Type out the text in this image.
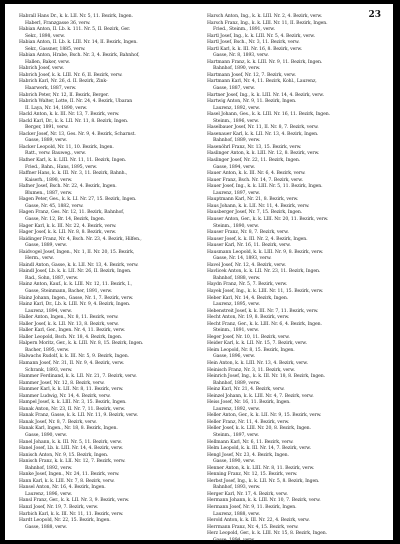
23
Habrall Hans Dr., k. k. LII. Nr. 5, 11. Bezirk, Ingen.
Haberl, Franzgasse 36, verw.
Habian Anton, II. Lb. k. 111. Nr. 5, II. Bezirk, Ger.
Sekr., 1898, verw.
Habian Anton, II. Lb. k. LIII. Nr. 14, II. Bezirk, Ingen.
Sekr., Gassner, 1885, verw.
Habian Anton, Hrabe, Bsch. Nr. 3, 4. Bezirk, Bahnhof,
Hallen, Baker, verw.
Habrich Josef, verw.
Habrich Josef, k. k. LIII. Nr. 6, II. Bezirk, verw.
Habrich Karl, Nr. 26, d. II. Bezirk, Zink-
Haarwerk, 1887, verw.
Habrich Peter, Nr. 12, II. Bezirk, Berger.
Habrich Walter, Lotte, II. Nr. 24, 4. Bezirk, Ubaran
II. Laya, Nr. 14, 1890, verw.
Hackl Anton, k. k. III. Nr. 13, 7. Bezirk, verw.
Hackl Karl, Dr., k. k. LII. Nr. 11, 8. Bezirk, Ingen.
Berger, 1891, verw.
Hacker Josef, Nr. 13, Ges. Nr. 9, 4. Bezirk, Scharnst.
Gasse, 1889, verw.
Hacker Leopold, Nr. 11, 10. Bezirk, Ingen.
Ratt., verw. Bauweg., verw.
Hafner Karl, k. k. LIII. Nr. 11, 11. Bezirk, Ingen.
Fried., Bahn., Hans, 1895, verw.
Haffner Hans, k. k. III. Nr. 3, 11. Bezirk, Bahnh.,
Kaiserh., 1898, verw.
Hafner Josef, Bsch. Nr. 22, 4. Bezirk, Ingen.
Blumen., 1887, verw.
Hagen Peter, Ges., k. k. LI. Nr. 27, 15. Bezirk, Ingen.
Gasse, Nr. 45, 1882, verw.
Hagen Franz, Ges. Nr. 12, 11. Bezirk, Bahnhof,
Gasse, Nr. 12, Br. 14, Bezirk, Ingen.
Hager Karl, k. k. III. Nr. 22, 4. Bezirk, verw.
Hager Josef, k. k. LII. Nr. 8, 8. Bezirk, verw.
Haidinger Franz, Nr. 4, Bsch. Nr. 23, 4. Bezirk, Hilfen.,
Gasse, 1889, verw.
Haidvogel Josef, Ingen., Nr. 1, II. Nr. 20, 15. Bezirk,
Herm., verw.
Haindl Anton, Gasse, k. k. LII. Nr. 13, 4. Bezirk, verw.
Haindl Josef, Lb. k. k. LII. Nr. 26, II. Bezirk, Ingen.
Rad., Sohn, 1887, verw.
Hainz Anton, Kauf., k. k. LIII. Nr. 12, 11. Bezirk, I.,
Gasse, Steinmann, Bacher, 1891, verw.
Hainz Johann, Ingen., Gasse, Nr. 1, 7. Bezirk, verw.
Hainz Karl, Dr., Lb. k. LIII. Nr. 9, 4. Bezirk, Ingen.
Laurenz, 1894, verw.
Haller Anton, Ingen., Nr. 8, 11. Bezirk, verw.
Haller Josef, k. k. LII. Nr. 13, 8. Bezirk, verw.
Haller Karl, Ger., Ingen. Nr. 4, 11. Bezirk, verw.
Haller Leopold, Bsch. Nr. 18, 4. Bezirk, Ingen.
Halpern Moritz, Ger., k. k. LIII. Nr. 8, 15. Bezirk, Ingen.
Bacher, 1895, verw.
Halwachs Rudolf, k. k. III. Nr. 5, 9. Bezirk, Ingen.
Hamann Josef, Nr. 31, II. Nr. 9, 4. Bezirk, verw.
Schrank, 1893, verw.
Hammer Ferdinand, k. k. LII. Nr. 21, 7. Bezirk, verw.
Hammer Josef, Nr. 12, 8. Bezirk, verw.
Hammer Karl, k. k. LII. Nr. 8, 11. Bezirk, verw.
Hammer Ludwig, Nr. 14, 4. Bezirk, verw.
Hampel Josef, k. k. LIII. Nr. 3, 15. Bezirk, Ingen.
Hanak Anton, Nr. 23, II. Nr. 7, 11. Bezirk, verw.
Hanak Franz, Gasse, k. k. LII. Nr. 11, 9. Bezirk, verw.
Hanak Josef, Nr. 8, 7. Bezirk, verw.
Hanak Karl, Ingen., Nr. 18, 8. Bezirk, Ingen.
Gasse, 1890, verw.
Hanel Johann, k. k. III. Nr. 5, 11. Bezirk, verw.
Hanel Josef, Lb. k. LIII. Nr. 14, 4. Bezirk, verw.
Hanisch Anton, Nr. 9, 15. Bezirk, Ingen.
Hanisch Franz, k. k. LII. Nr. 12, 7. Bezirk, verw.
Bahnhof, 1892, verw.
Hanke Josef, Ingen., Nr. 24, 11. Bezirk, verw.
Hann Karl, k. k. LIII. Nr. 7, 8. Bezirk, verw.
Hansel Anton, Nr. 16, 4. Bezirk, Ingen.
Laurenz, 1896, verw.
Hansl Franz, Ger., k. k. LII. Nr. 3, 9. Bezirk, verw.
Hanzl Josef, Nr. 19, 7. Bezirk, verw.
Harbich Karl, k. k. III. Nr. 11, 11. Bezirk, verw.
Hardt Leopold, Nr. 22, 15. Bezirk, Ingen.
Gasse, 1888, verw.
Harsch Anton, Ing., k. k. LIII. Nr. 2, 4. Bezirk, verw.
Harsch Franz, Ing., k. k. LIII. Nr. 11, II. Bezirk, Ingen.
Fried., Steinm., 1891, verw.
Hartl Josef, Ing., k. k. LIII. Nr. 5, 4. Bezirk, verw.
Hartl Josef, Bsch., Nr. 3, 11. Bezirk, verw.
Hartl Karl, k. k. III. Nr. 16, 8. Bezirk, verw.
Gasse, Nr. 8, 1893, verw.
Hartmann Franz, k. k. LIII. Nr. 9, 11. Bezirk, Ingen.
Bahnhof, 1890, verw.
Hartmann Josef, Nr. 12, 7. Bezirk, verw.
Hartmann Karl, Nr. 4, 11. Bezirk, Kohl., Laurenz,
Gasse, 1887, verw.
Hartner Josef, Ing., k. k. LIII. Nr. 14, 4. Bezirk, verw.
Hartwig Anton, Nr. 9, 11. Bezirk, Ingen.
Laurenz, 1892, verw.
Hasel Johann, Ges., k. k. LIII. Nr. 16, 11. Bezirk, Ingen.
Steinm., 1896, verw.
Haselbauer Josef, Nr. 11, II. Nr. 8, 7. Bezirk, verw.
Hasenauer Karl, k. k. LII. Nr. 13, 4. Bezirk, Ingen.
Bahnhof, 1889, verw.
Hasenöhrl Franz, Nr. 13, 15. Bezirk, verw.
Haslinger Anton, k. k. LIII. Nr. 12, 8. Bezirk, verw.
Haslinger Josef, Nr. 22, 11. Bezirk, Ingen.
Gasse, 1894, verw.
Hauer Anton, k. k. III. Nr. 6, 4. Bezirk, verw.
Hauer Franz, Bsch. Nr. 14, 7. Bezirk, verw.
Hauer Josef, Ing., k. k. LIII. Nr. 5, 11. Bezirk, Ingen.
Laurenz, 1897, verw.
Hauptmann Karl, Nr. 21, 8. Bezirk, verw.
Haus Johann, k. k. LII. Nr. 11, 4. Bezirk, verw.
Hausberger Josef, Nr. 7, 15. Bezirk, Ingen.
Hauser Anton, Ger., k. k. LIII. Nr. 20, 11. Bezirk, verw.
Steinm., 1890, verw.
Hauser Franz, Nr. 8, 7. Bezirk, verw.
Hauser Josef, k. k. III. Nr. 2, 4. Bezirk, Ingen.
Hauser Karl, Nr. 16, 11. Bezirk, verw.
Hausmann Leopold, k. k. LIII. Nr. 9, 8. Bezirk, verw.
Gasse, Nr. 14, 1893, verw.
Havel Josef, Nr. 12, 4. Bezirk, verw.
Havlicek Anton, k. k. LII. Nr. 23, 11. Bezirk, Ingen.
Bahnhof, 1888, verw.
Haydn Franz, Nr. 5, 7. Bezirk, verw.
Hayek Josef, Ing., k. k. LIII. Nr. 11, 15. Bezirk, verw.
Heber Karl, Nr. 14, 4. Bezirk, Ingen.
Laurenz, 1895, verw.
Hebenstreit Josef, k. k. III. Nr. 7, 11. Bezirk, verw.
Hecht Anton, Nr. 19, 8. Bezirk, verw.
Hecht Franz, Ger., k. k. LIII. Nr. 6, 4. Bezirk, Ingen.
Steinm., 1891, verw.
Heger Josef, Nr. 10, 11. Bezirk, verw.
Heider Karl, k. k. LII. Nr. 15, 7. Bezirk, verw.
Heim Leopold, Nr. 8, 15. Bezirk, Ingen.
Gasse, 1896, verw.
Hein Anton, k. k. LIII. Nr. 13, 4. Bezirk, verw.
Heinisch Franz, Nr. 3, 11. Bezirk, verw.
Heinrich Josef, Ing., k. k. III. Nr. 18, 8. Bezirk, Ingen.
Bahnhof, 1889, verw.
Heinz Karl, Nr. 21, 4. Bezirk, verw.
Heinzel Johann, k. k. LIII. Nr. 4, 7. Bezirk, verw.
Heiss Josef, Nr. 16, 11. Bezirk, Ingen.
Laurenz, 1892, verw.
Heller Anton, Ger., k. k. LII. Nr. 9, 15. Bezirk, verw.
Heller Franz, Nr. 11, 4. Bezirk, verw.
Heller Josef, k. k. LIII. Nr. 20, 8. Bezirk, Ingen.
Steinm., 1897, verw.
Hellmann Karl, Nr. 6, 11. Bezirk, verw.
Helm Leopold, k. k. III. Nr. 14, 7. Bezirk, verw.
Hengl Josef, Nr. 23, 4. Bezirk, Ingen.
Gasse, 1890, verw.
Henner Anton, k. k. LIII. Nr. 8, 11. Bezirk, verw.
Henning Franz, Nr. 12, 15. Bezirk, verw.
Herbst Josef, Ing., k. k. LII. Nr. 5, 8. Bezirk, Ingen.
Bahnhof, 1893, verw.
Herger Karl, Nr. 17, 4. Bezirk, verw.
Hermann Johann, k. k. LIII. Nr. 10, 7. Bezirk, verw.
Hermann Josef, Nr. 9, 11. Bezirk, Ingen.
Laurenz, 1888, verw.
Herold Anton, k. k. III. Nr. 22, 4. Bezirk, verw.
Herrmann Franz, Nr. 4, 15. Bezirk, verw.
Herz Leopold, Ger., k. k. LIII. Nr. 15, 8. Bezirk, Ingen.
Gasse, 1894, verw.
